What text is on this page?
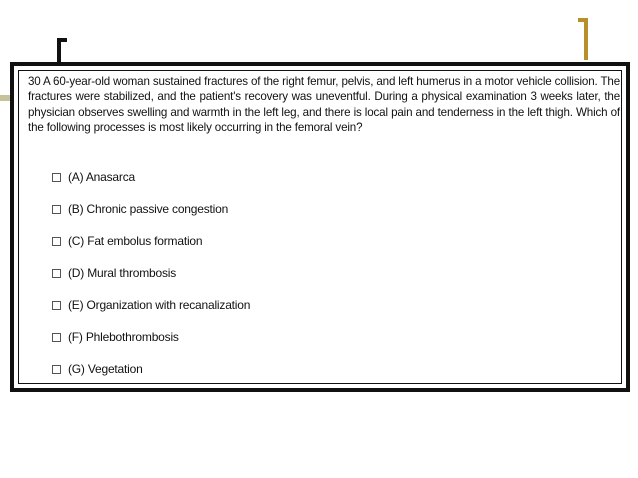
30 A 60-year-old woman sustained fractures of the right femur, pelvis, and left humerus in a motor vehicle collision. The fractures were stabilized, and the patient's recovery was uneventful. During a physical examination 3 weeks later, the physician observes swelling and warmth in the left leg, and there is local pain and tenderness in the left thigh. Which of the following processes is most likely occurring in the femoral vein?
(A) Anasarca
(B) Chronic passive congestion
(C) Fat embolus formation
(D) Mural thrombosis
(E) Organization with recanalization
(F) Phlebothrombosis
(G) Vegetation
